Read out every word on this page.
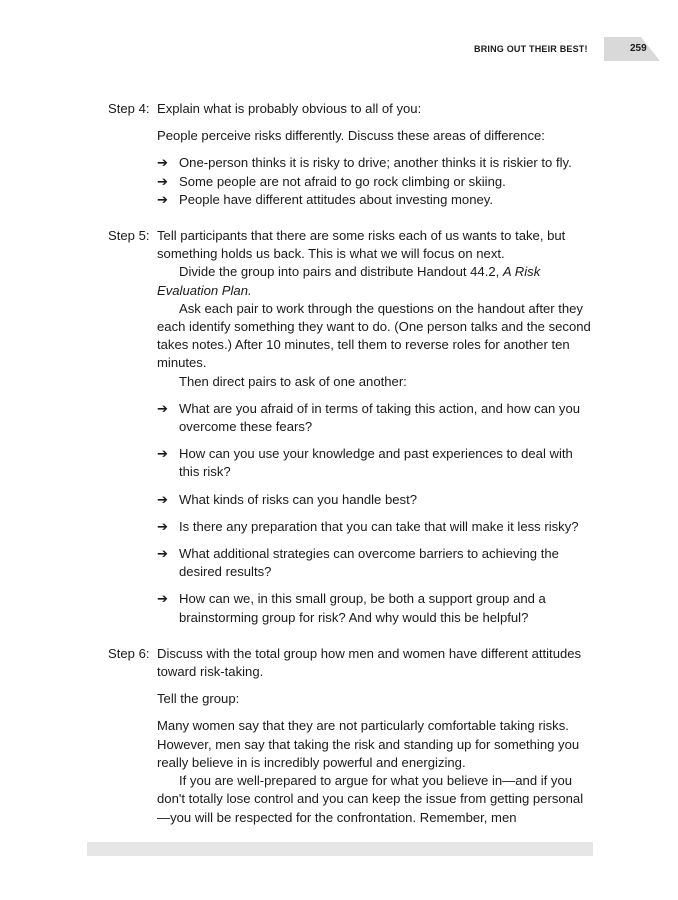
BRING OUT THEIR BEST!	259
Step 4: Explain what is probably obvious to all of you:

People perceive risks differently. Discuss these areas of difference:

➔ One-person thinks it is risky to drive; another thinks it is riskier to fly.
➔ Some people are not afraid to go rock climbing or skiing.
➔ People have different attitudes about investing money.
Step 5: Tell participants that there are some risks each of us wants to take, but something holds us back. This is what we will focus on next.

Divide the group into pairs and distribute Handout 44.2, A Risk Evaluation Plan.

Ask each pair to work through the questions on the handout after they each identify something they want to do. (One person talks and the second takes notes.) After 10 minutes, tell them to reverse roles for another ten minutes.

Then direct pairs to ask of one another:

➔ What are you afraid of in terms of taking this action, and how can you overcome these fears?
➔ How can you use your knowledge and past experiences to deal with this risk?
➔ What kinds of risks can you handle best?
➔ Is there any preparation that you can take that will make it less risky?
➔ What additional strategies can overcome barriers to achieving the desired results?
➔ How can we, in this small group, be both a support group and a brainstorming group for risk? And why would this be helpful?
Step 6: Discuss with the total group how men and women have different attitudes toward risk-taking.

Tell the group:

Many women say that they are not particularly comfortable taking risks. However, men say that taking the risk and standing up for something you really believe in is incredibly powerful and energizing.

If you are well-prepared to argue for what you believe in—and if you don't totally lose control and you can keep the issue from getting personal—you will be respected for the confrontation. Remember, men
